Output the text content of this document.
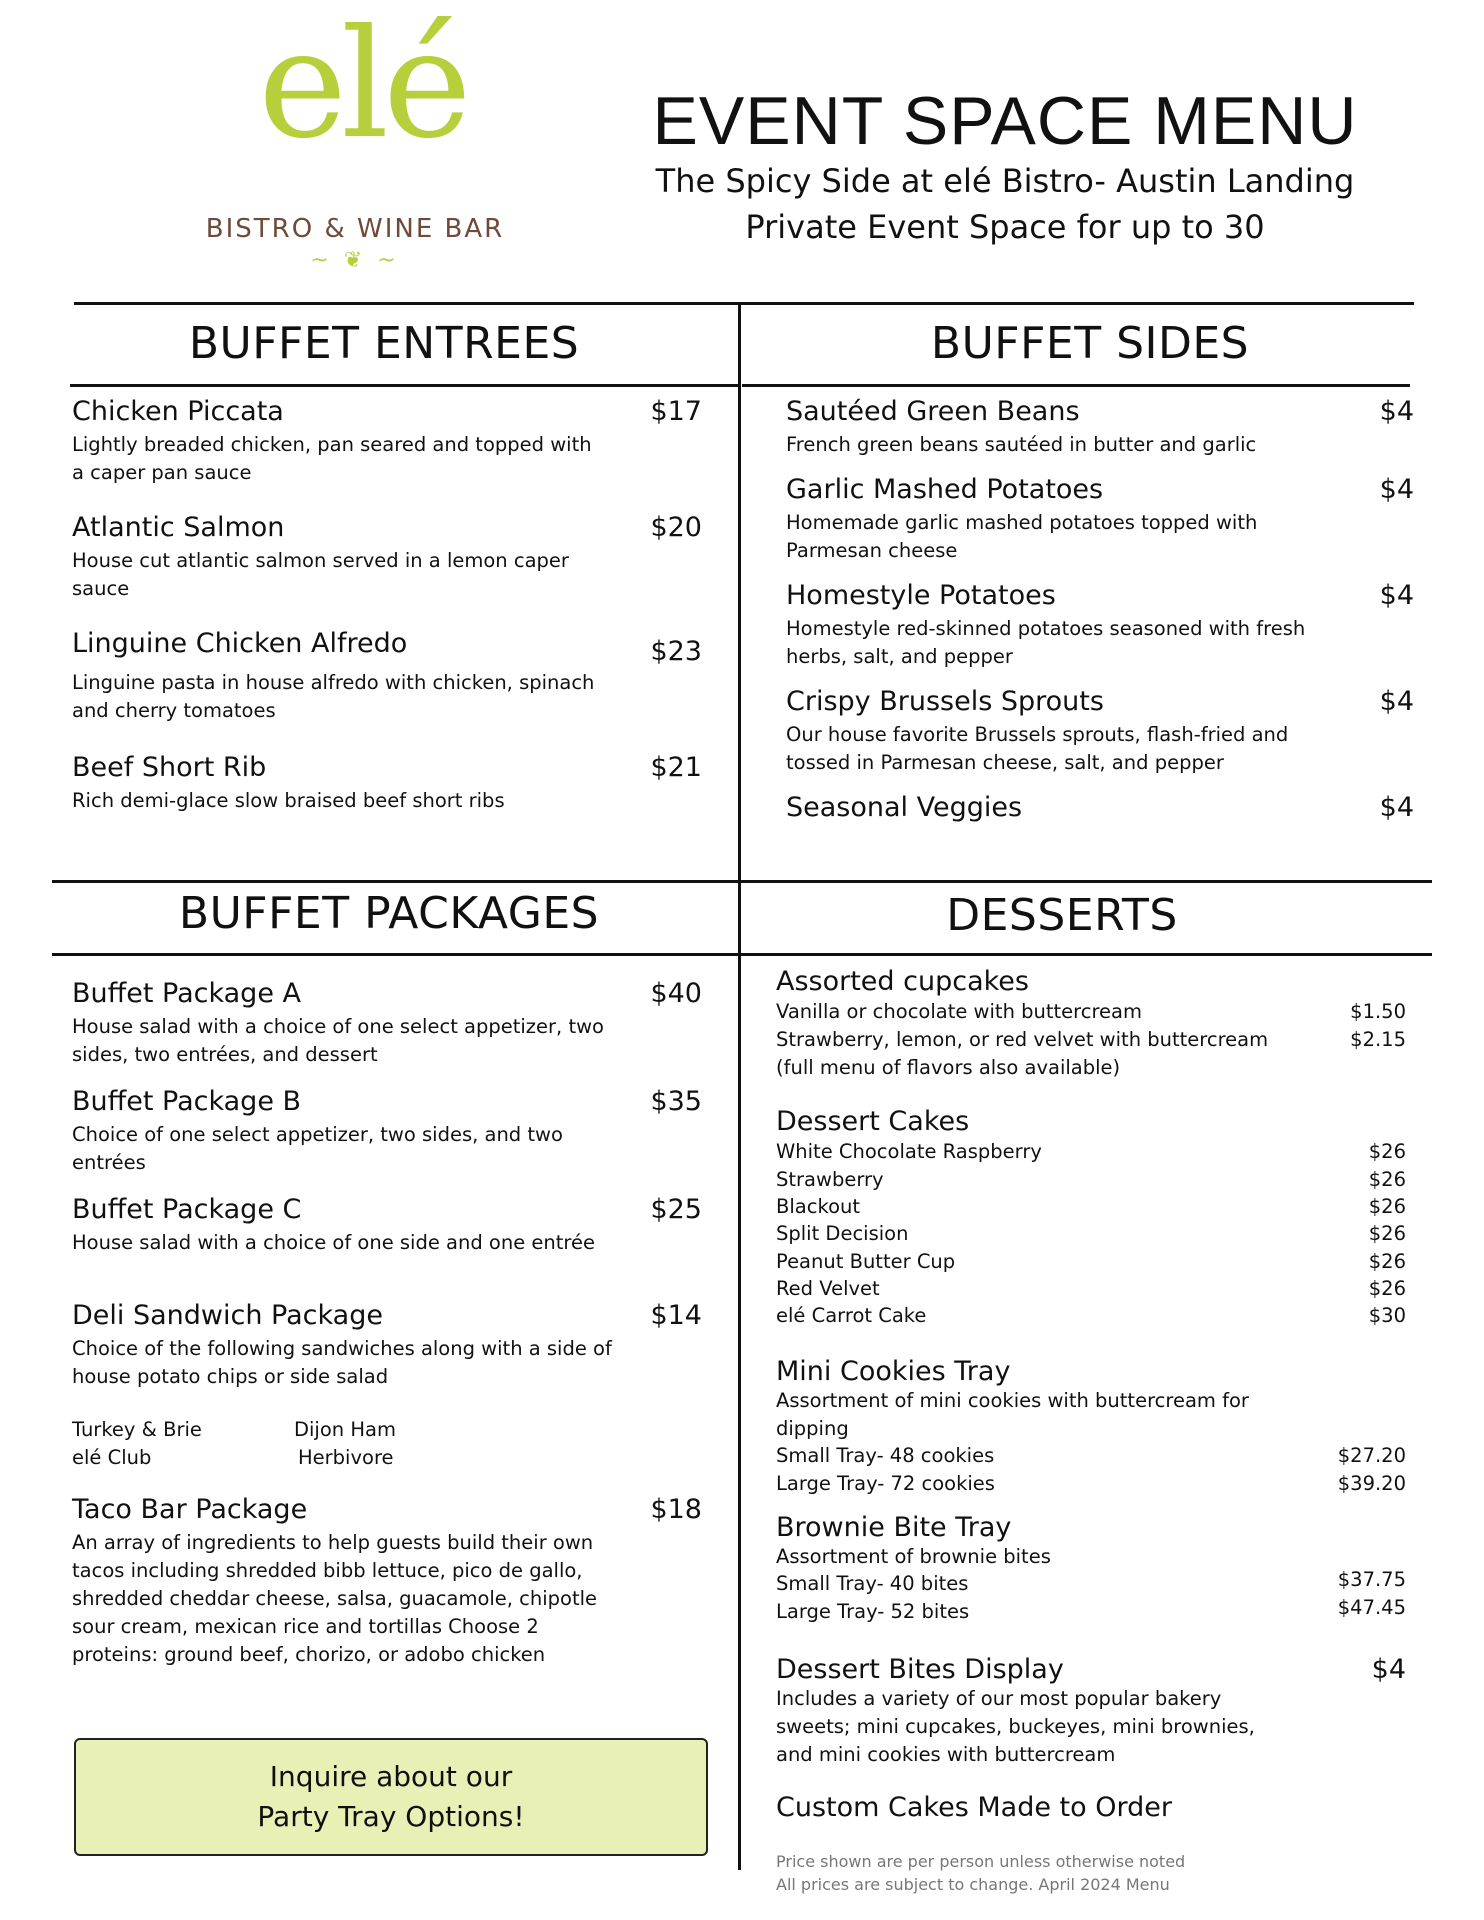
elé
BISTRO & WINE BAR
~ ❦ ~
EVENT SPACE MENU
The Spicy Side at elé Bistro- Austin Landing
Private Event Space for up to 30
BUFFET ENTREES	BUFFET SIDES
BUFFET PACKAGES	DESSERTS
Chicken Piccata
Lightly breaded chicken, pan seared and topped with a caper pan sauce
$17
Atlantic Salmon
House cut atlantic salmon served in a lemon caper sauce
$20
Linguine Chicken Alfredo
Linguine pasta in house alfredo with chicken, spinach and cherry tomatoes
$23
Beef Short Rib
Rich demi-glace slow braised beef short ribs
$21
Sautéed Green Beans
French green beans sautéed in butter and garlic
$4
Garlic Mashed Potatoes
Homemade garlic mashed potatoes topped with Parmesan cheese
$4
Homestyle Potatoes
Homestyle red-skinned potatoes seasoned with fresh herbs, salt, and pepper
$4
Crispy Brussels Sprouts
Our house favorite Brussels sprouts, flash-fried and tossed in Parmesan cheese, salt, and pepper
$4
Seasonal Veggies	$4
Buffet Package A
House salad with a choice of one select appetizer, two sides, two entrées, and dessert
$40
Buffet Package B
Choice of one select appetizer, two sides, and two entrées
$35
Buffet Package C
House salad with a choice of one side and one entrée
$25
Deli Sandwich Package
Choice of the following sandwiches along with a side of house potato chips or side salad
$14
Turkey & Brie	Dijon Ham
elé Club	Herbivore
Taco Bar Package
An array of ingredients to help guests build their own tacos including shredded bibb lettuce, pico de gallo, shredded cheddar cheese, salsa, guacamole, chipotle sour cream, mexican rice and tortillas Choose 2 proteins: ground beef, chorizo, or adobo chicken
$18
Inquire about our
Party Tray Options!
Assorted cupcakes
Vanilla or chocolate with buttercream	$1.50
Strawberry, lemon, or red velvet with buttercream	$2.15
(full menu of flavors also available)
Dessert Cakes
White Chocolate Raspberry	$26
Strawberry	$26
Blackout	$26
Split Decision	$26
Peanut Butter Cup	$26
Red Velvet	$26
elé Carrot Cake	$30
Mini Cookies Tray
Assortment of mini cookies with buttercream for dipping
Small Tray- 48 cookies	$27.20
Large Tray- 72 cookies	$39.20
Brownie Bite Tray
Assortment of brownie bites
Small Tray- 40 bites	$37.75
Large Tray- 52 bites	$47.45
Dessert Bites Display
Includes a variety of our most popular bakery sweets; mini cupcakes, buckeyes, mini brownies, and mini cookies with buttercream
$4
Custom Cakes Made to Order
Price shown are per person unless otherwise noted
All prices are subject to change. April 2024 Menu
